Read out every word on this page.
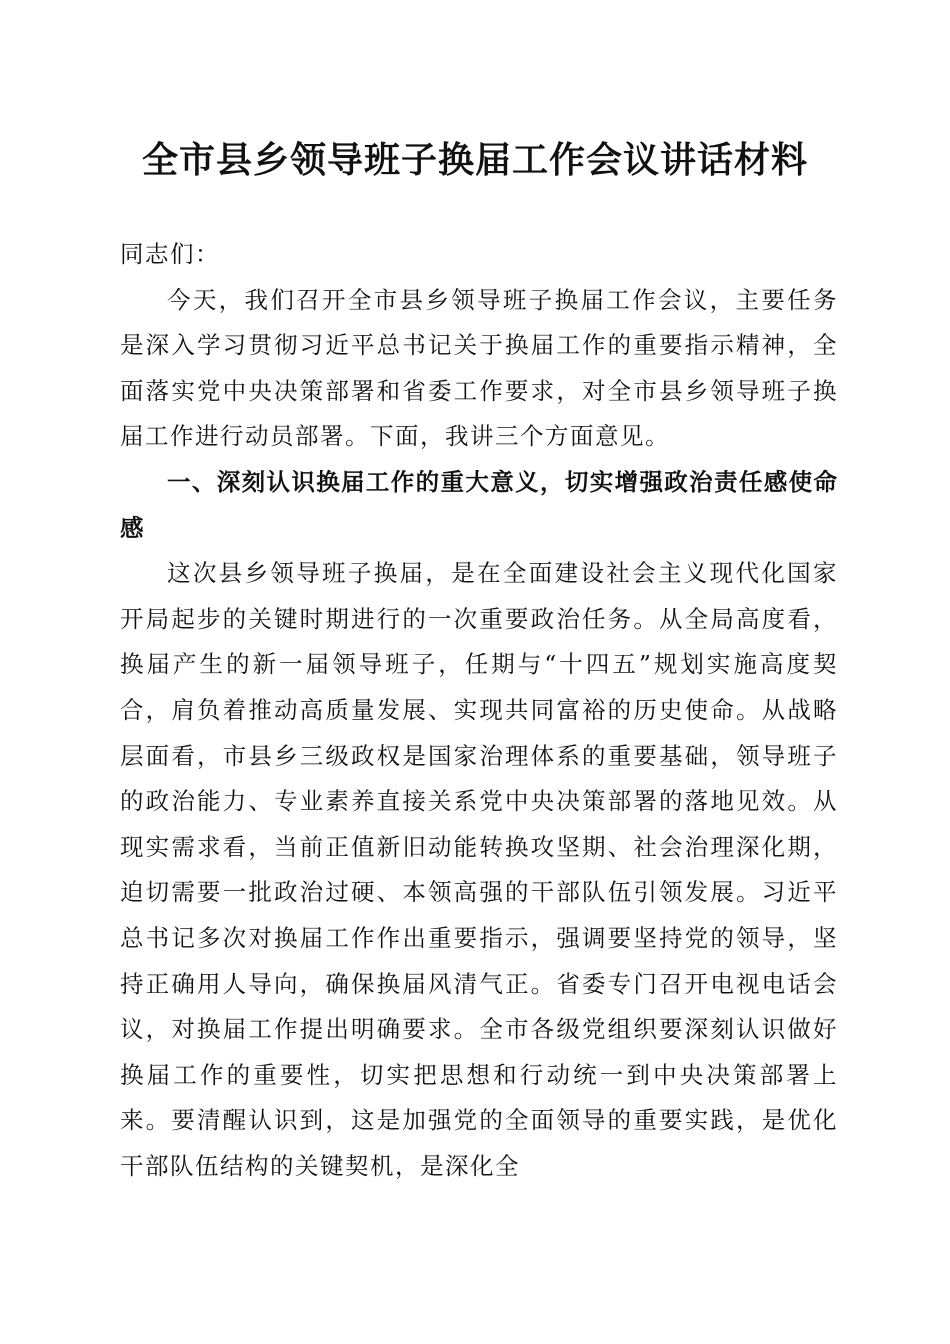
全市县乡领导班子换届工作会议讲话材料

同志们：

今天，我们召开全市县乡领导班子换届工作会议，主要任务是深入学习贯彻习近平总书记关于换届工作的重要指示精神，全面落实党中央决策部署和省委工作要求，对全市县乡领导班子换届工作进行动员部署。下面，我讲三个方面意见。

一、深刻认识换届工作的重大意义，切实增强政治责任感使命感

这次县乡领导班子换届，是在全面建设社会主义现代化国家开局起步的关键时期进行的一次重要政治任务。从全局高度看，换届产生的新一届领导班子，任期与“十四五”规划实施高度契合，肩负着推动高质量发展、实现共同富裕的历史使命。从战略层面看，市县乡三级政权是国家治理体系的重要基础，领导班子的政治能力、专业素养直接关系党中央决策部署的落地见效。从现实需求看，当前正值新旧动能转换攻坚期、社会治理深化期，迫切需要一批政治过硬、本领高强的干部队伍引领发展。习近平总书记多次对换届工作作出重要指示，强调要坚持党的领导，坚持正确用人导向，确保换届风清气正。省委专门召开电视电话会议，对换届工作提出明确要求。全市各级党组织要深刻认识做好换届工作的重要性，切实把思想和行动统一到中央决策部署上来。要清醒认识到，这是加强党的全面领导的重要实践，是优化干部队伍结构的关键契机，是深化全
